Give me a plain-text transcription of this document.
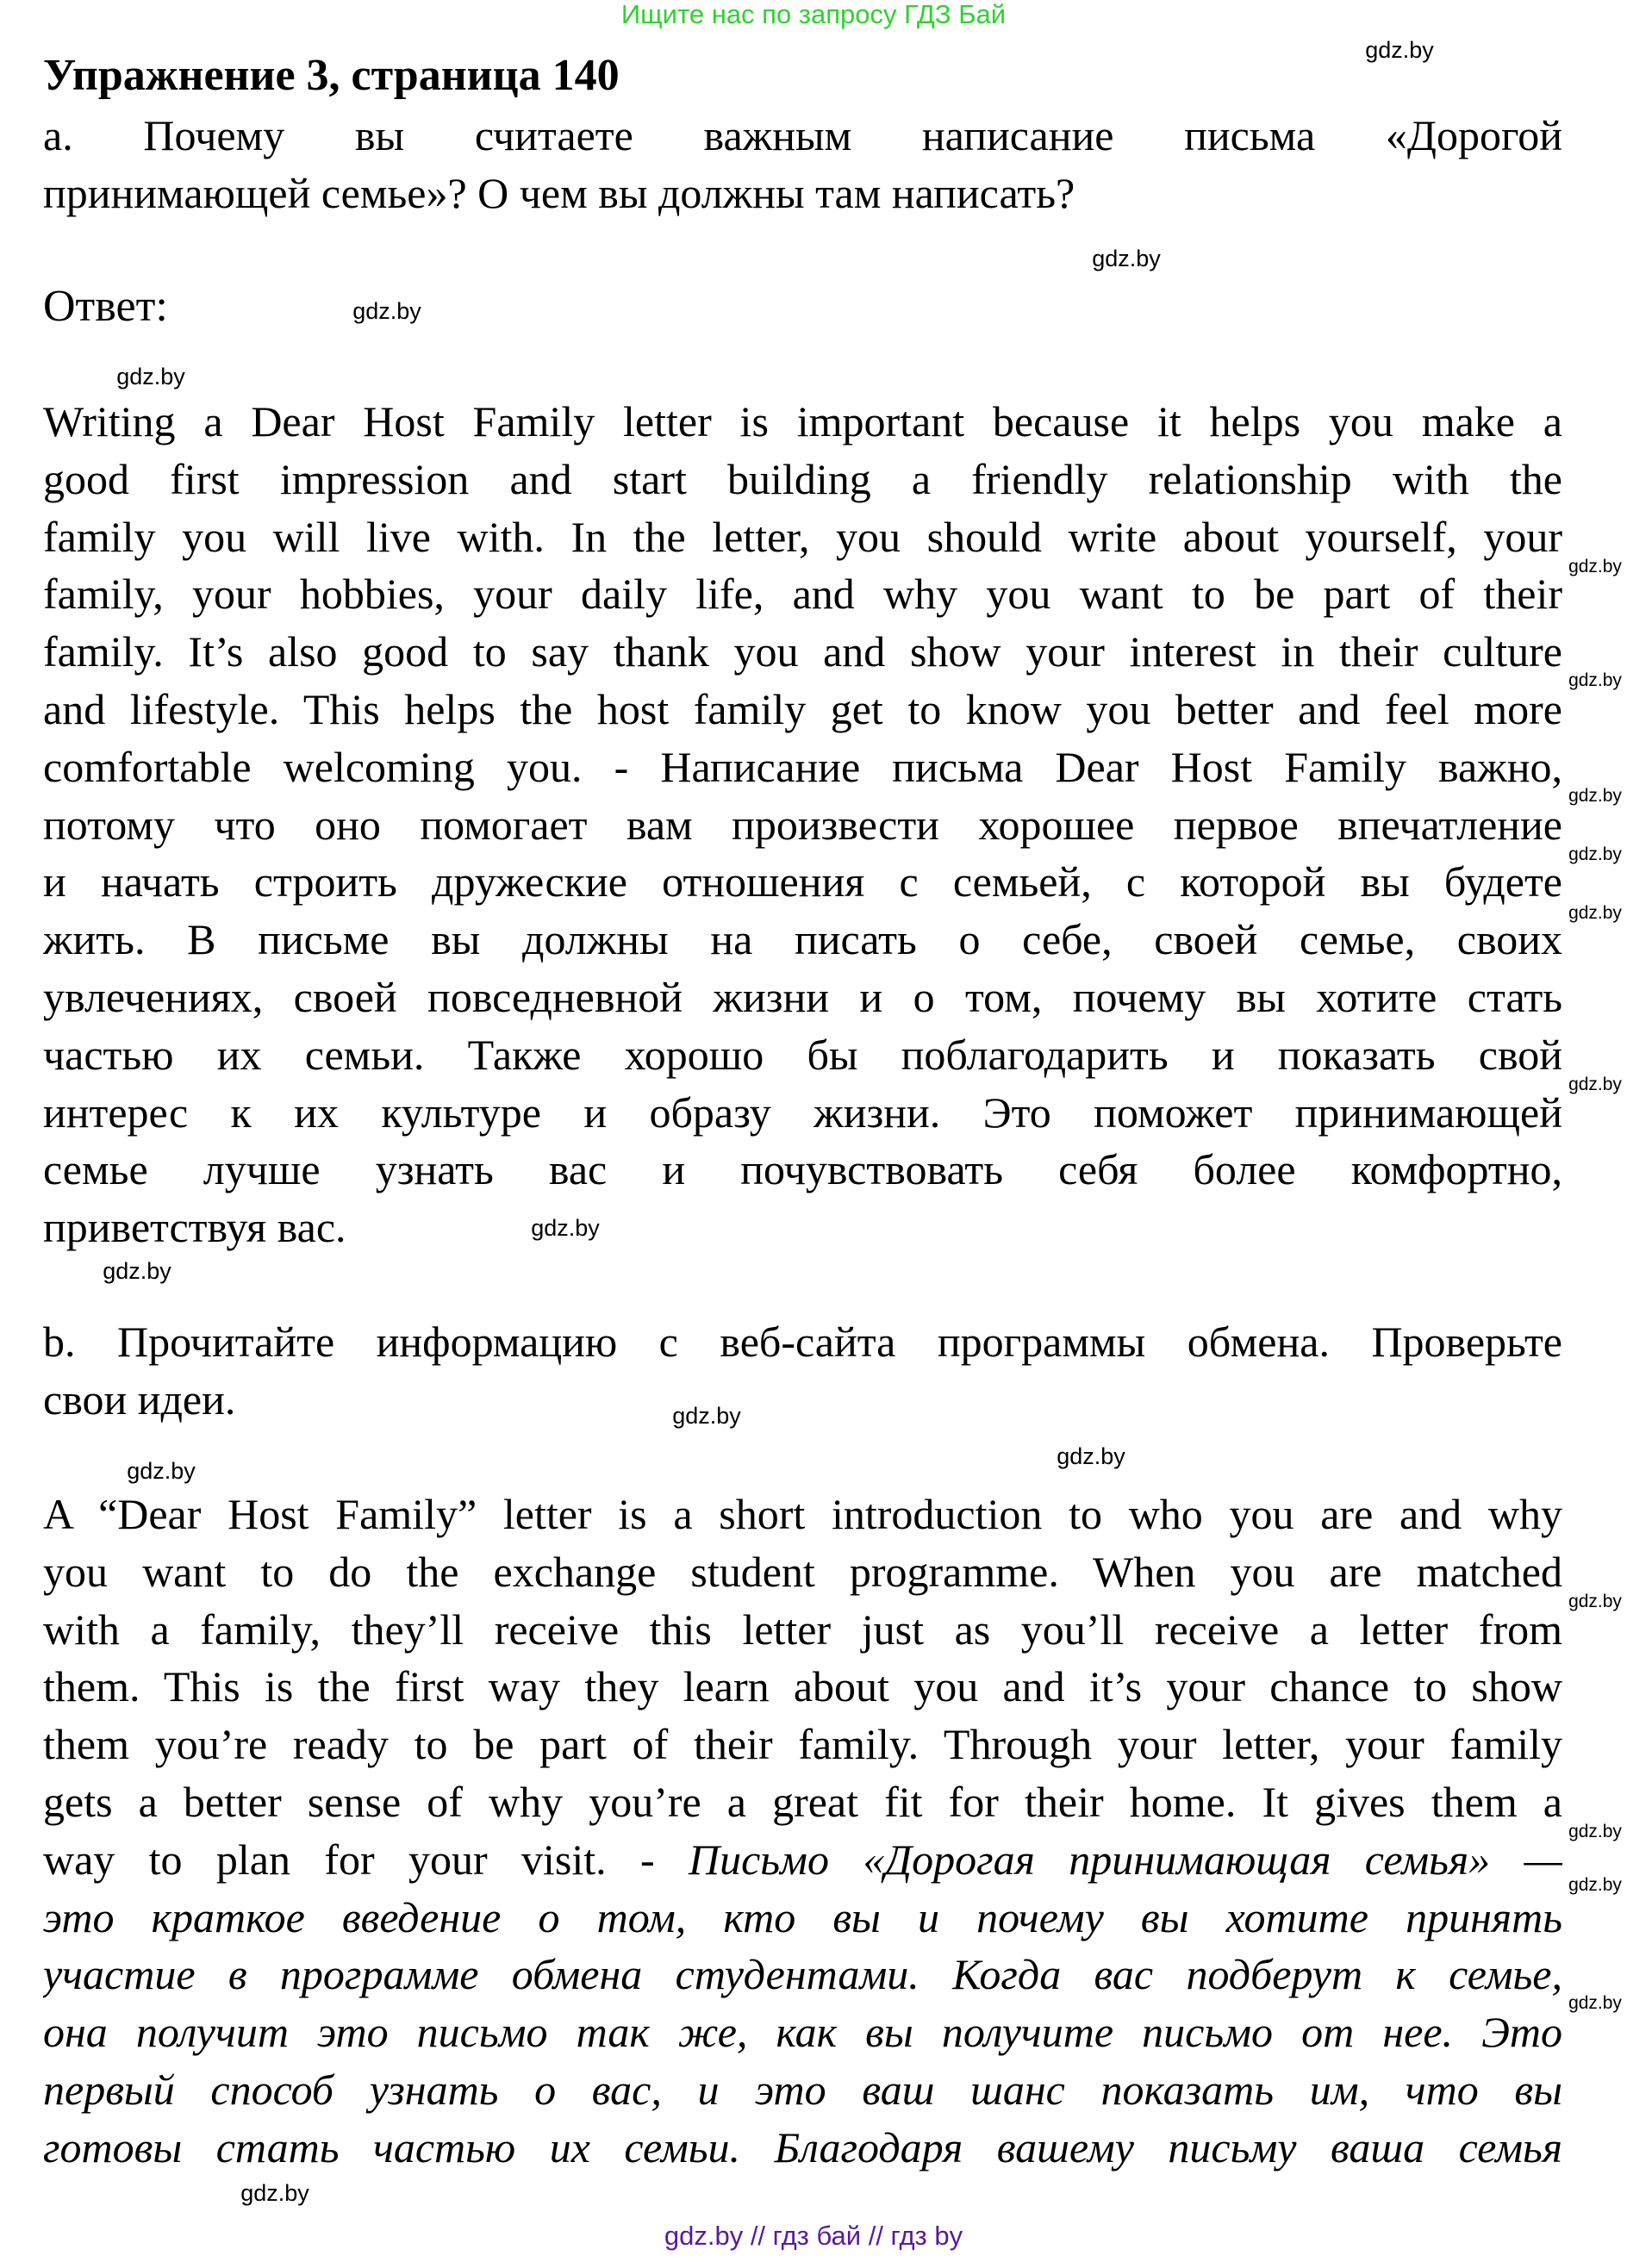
Ищите нас по запросу ГДЗ Бай
Упражнение 3, страница 140
a. Почему вы считаете важным написание письма «Дорогой
принимающей семье»? О чем вы должны там написать?
Ответ:
Writing a Dear Host Family letter is important because it helps you make a
good first impression and start building a friendly relationship with the
family you will live with. In the letter, you should write about yourself, your
family, your hobbies, your daily life, and why you want to be part of their
family. It’s also good to say thank you and show your interest in their culture
and lifestyle. This helps the host family get to know you better and feel more
comfortable welcoming you. - Написание письма Dear Host Family важно,
потому что оно помогает вам произвести хорошее первое впечатление
и начать строить дружеские отношения с семьей, с которой вы будете
жить. В письме вы должны на писать о себе, своей семье, своих
увлечениях, своей повседневной жизни и о том, почему вы хотите стать
частью их семьи. Также хорошо бы поблагодарить и показать свой
интерес к их культуре и образу жизни. Это поможет принимающей
семье лучше узнать вас и почувствовать себя более комфортно,
приветствуя вас.
b. Прочитайте информацию с веб-сайта программы обмена. Проверьте
свои идеи.
A “Dear Host Family” letter is a short introduction to who you are and why
you want to do the exchange student programme. When you are matched
with a family, they’ll receive this letter just as you’ll receive a letter from
them. This is the first way they learn about you and it’s your chance to show
them you’re ready to be part of their family. Through your letter, your family
gets a better sense of why you’re a great fit for their home. It gives them a
way to plan for your visit. - Письмо «Дорогая принимающая семья» —
это краткое введение о том, кто вы и почему вы хотите принять
участие в программе обмена студентами. Когда вас подберут к семье,
она получит это письмо так же, как вы получите письмо от нее. Это
первый способ узнать о вас, и это ваш шанс показать им, что вы
готовы стать частью их семьи. Благодаря вашему письму ваша семья
gdz.by
gdz.by
gdz.by
gdz.by
gdz.by
gdz.by
gdz.by
gdz.by
gdz.by
gdz.by
gdz.by
gdz.by
gdz.by
gdz.by
gdz.by
gdz.by
gdz.by
gdz.by
gdz.by
gdz.by
gdz.by // гдз бай // гдз by
